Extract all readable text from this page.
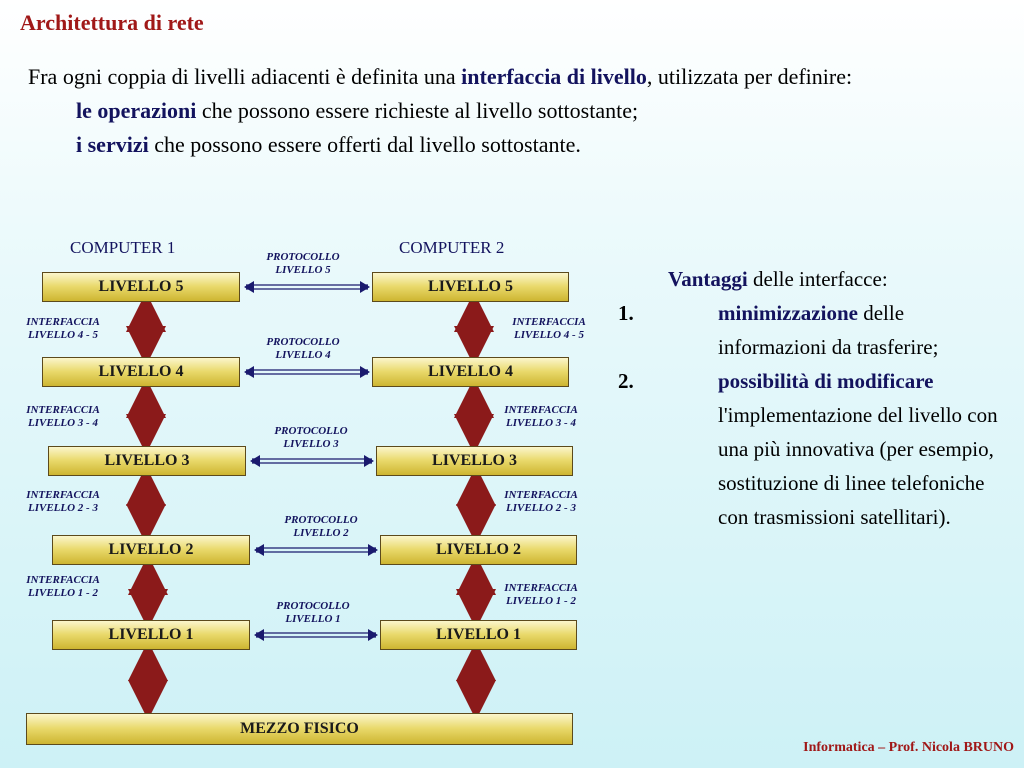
Architettura di rete
Fra ogni coppia di livelli adiacenti è definita una interfaccia di livello, utilizzata per definire:
le operazioni che possono essere richieste al livello sottostante;
i servizi che possono essere offerti dal livello sottostante.
COMPUTER 1	COMPUTER 2
LIVELLO 5
LIVELLO 4
LIVELLO 3
LIVELLO 2
LIVELLO 1
LIVELLO 5
LIVELLO 4
LIVELLO 3
LIVELLO 2
LIVELLO 1
MEZZO FISICO
PROTOCOLLO
LIVELLO 5
PROTOCOLLO
LIVELLO 4
PROTOCOLLO
LIVELLO 3
PROTOCOLLO
LIVELLO 2
PROTOCOLLO
LIVELLO 1
INTERFACCIA
LIVELLO 4 - 5
INTERFACCIA
LIVELLO 3 - 4
INTERFACCIA
LIVELLO 2 - 3
INTERFACCIA
LIVELLO 1 - 2
INTERFACCIA
LIVELLO 4 - 5
INTERFACCIA
LIVELLO 3 - 4
INTERFACCIA
LIVELLO 2 - 3
INTERFACCIA
LIVELLO 1 - 2
Vantaggi delle interfacce:
1.	minimizzazione delle informazioni da trasferire;
2.	possibilità di modificare l'implementazione del livello con una più innovativa (per esempio, sostituzione di linee telefoniche con trasmissioni satellitari).
Informatica – Prof. Nicola BRUNO
